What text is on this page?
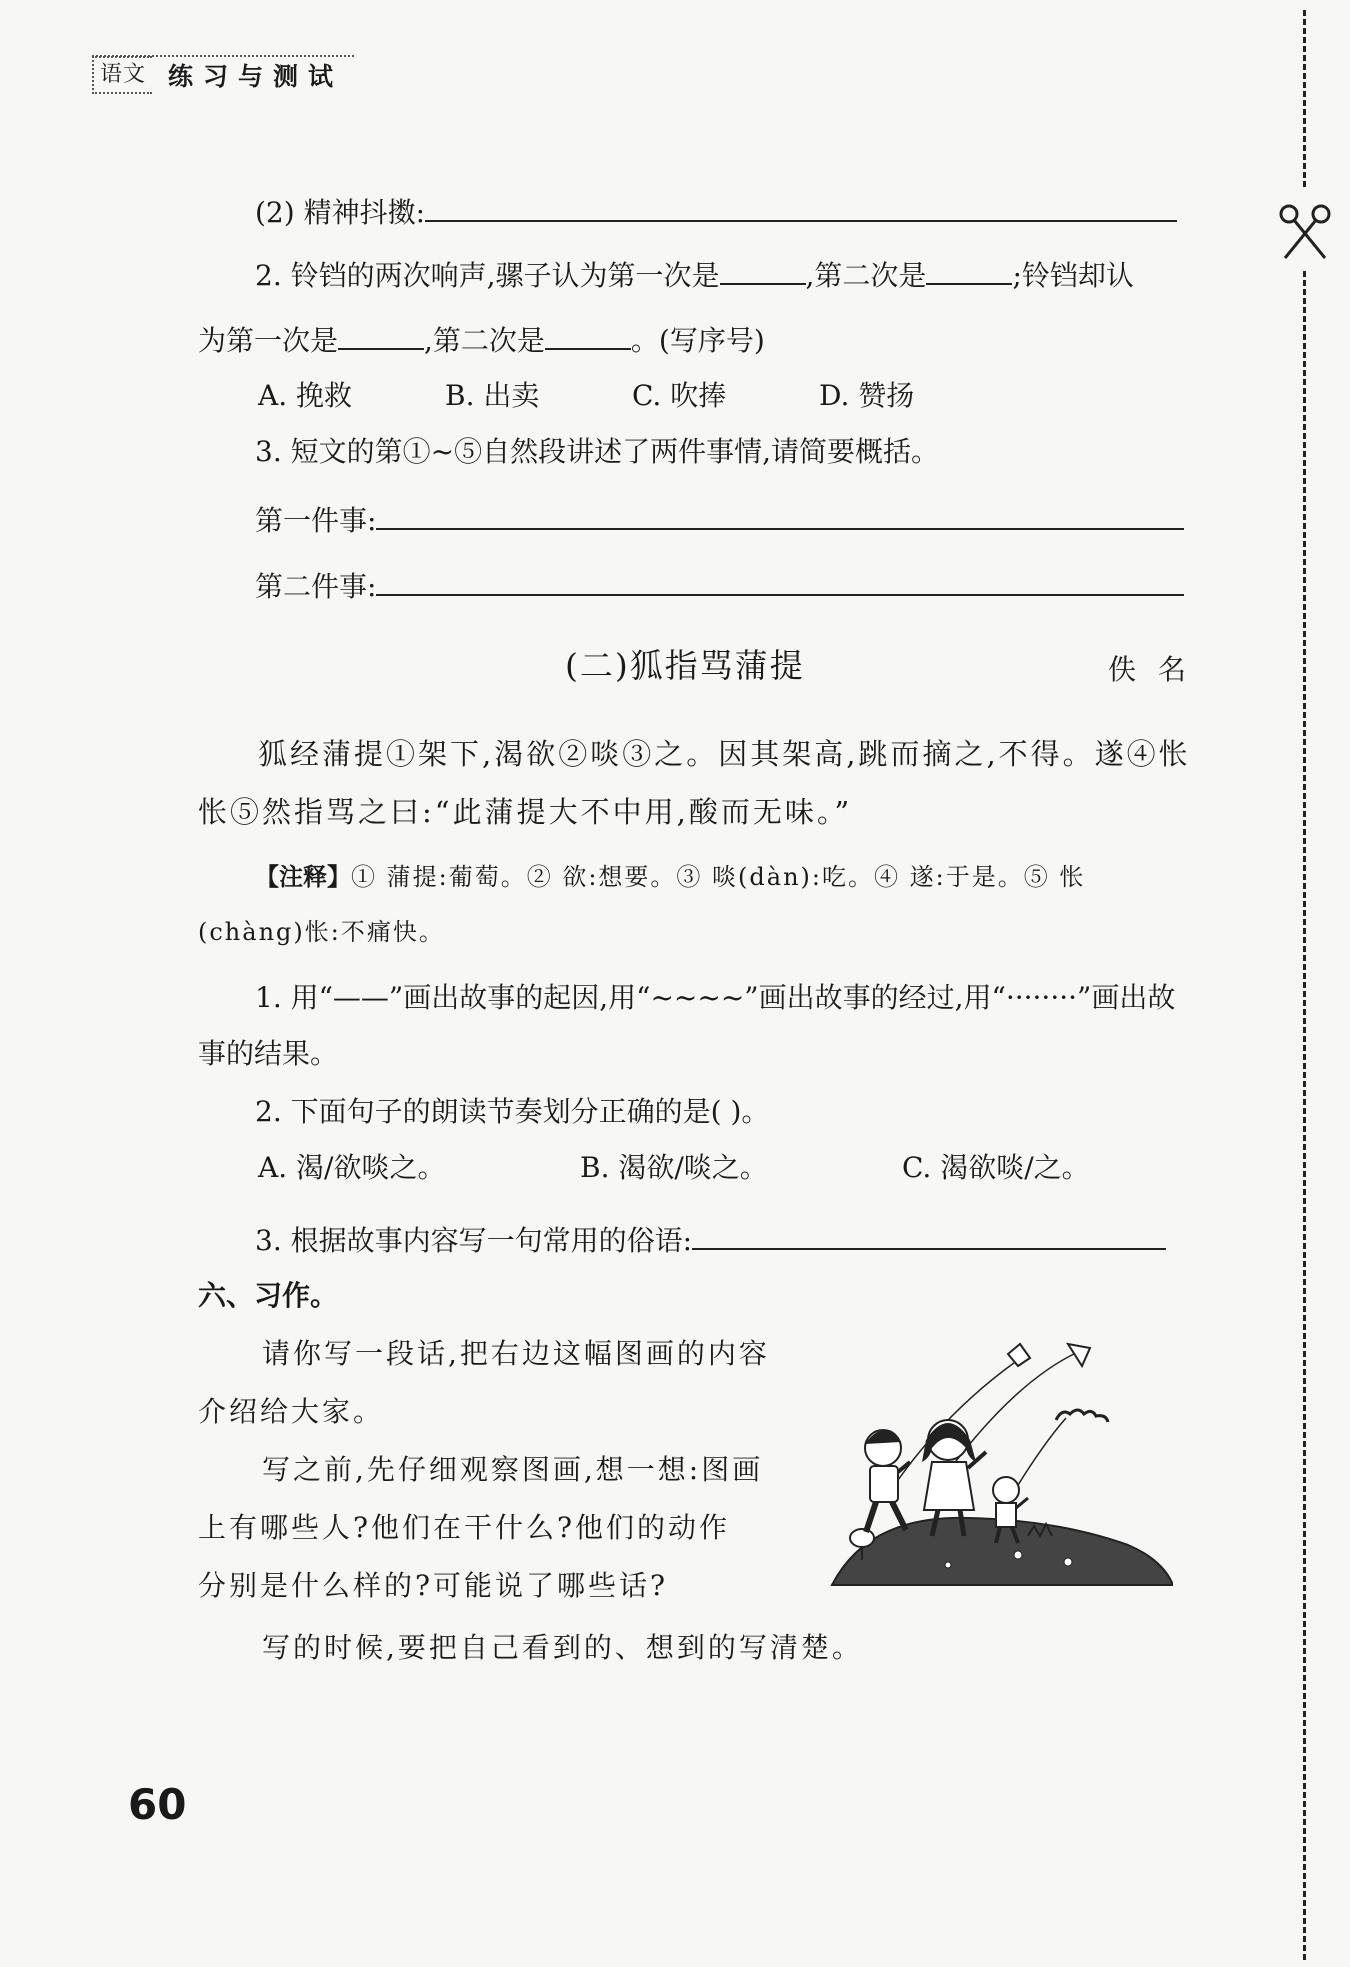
语文 练习与测试
(2) 精神抖擞:
2. 铃铛的两次响声,骡子认为第一次是	,第二次是	;铃铛却认
为第一次是	,第二次是	。(写序号)
A. 挽救	B. 出卖	C. 吹捧	D. 赞扬
3. 短文的第①~⑤自然段讲述了两件事情,请简要概括。
第一件事:
第二件事:
(二)狐指骂蒲提	佚名
狐经蒲提①架下,渴欲②啖③之。因其架高,跳而摘之,不得。遂④怅
怅⑤然指骂之曰:“此蒲提大不中用,酸而无味。”
【注释】① 蒲提:葡萄。② 欲:想要。③ 啖(dàn):吃。④ 遂:于是。⑤ 怅
(chàng)怅:不痛快。
1. 用“——”画出故事的起因,用“~~~~”画出故事的经过,用“········”画出故
事的结果。
2. 下面句子的朗读节奏划分正确的是( )。
A. 渴/欲啖之。	B. 渴欲/啖之。	C. 渴欲啖/之。
3. 根据故事内容写一句常用的俗语:
六、习作。
请你写一段话,把右边这幅图画的内容
介绍给大家。
写之前,先仔细观察图画,想一想:图画
上有哪些人?他们在干什么?他们的动作
分别是什么样的?可能说了哪些话?
写的时候,要把自己看到的、想到的写清楚。
60
